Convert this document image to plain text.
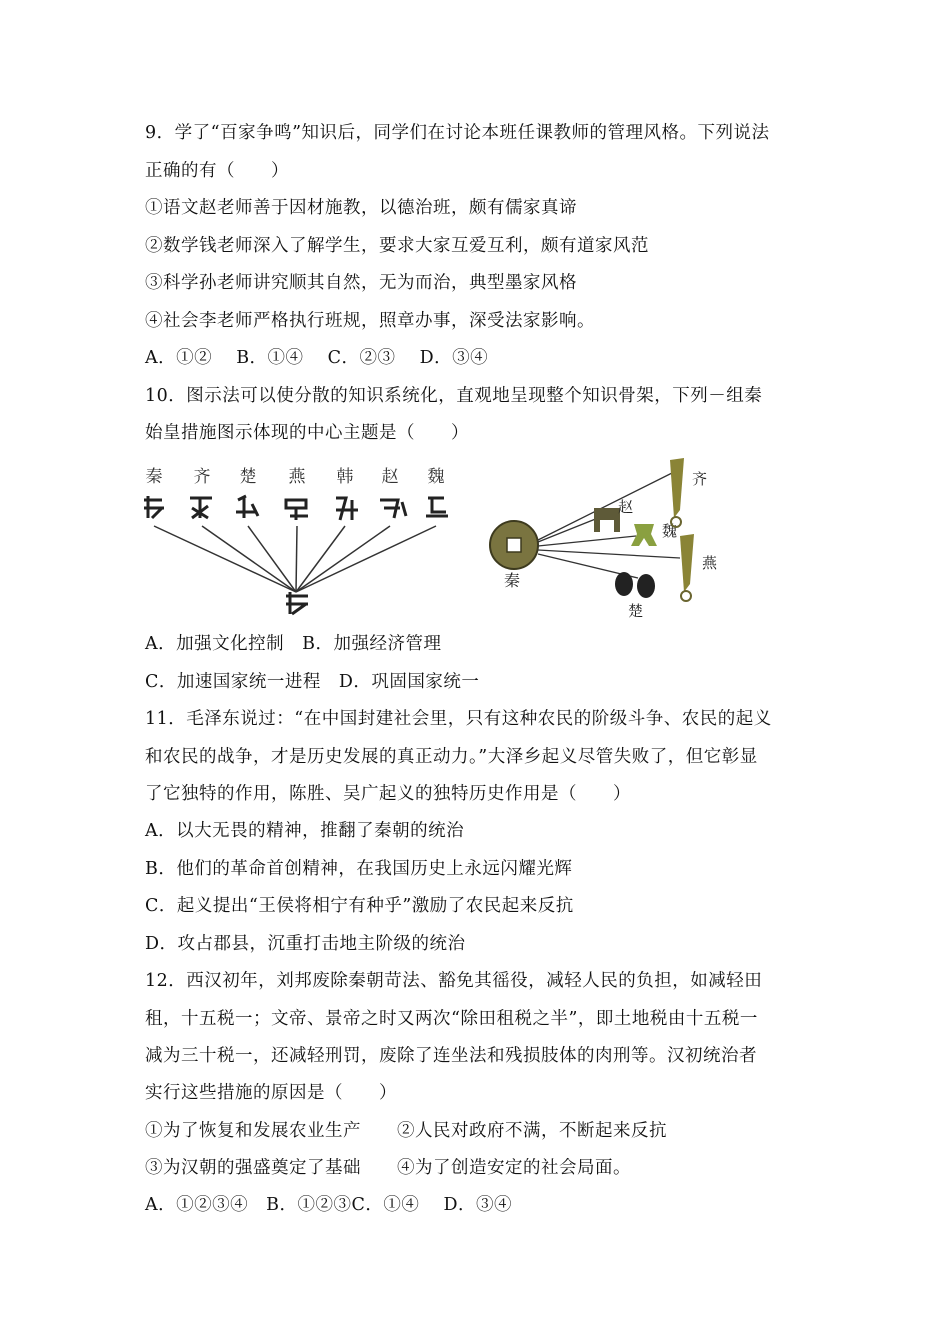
9．学了“百家争鸣”知识后，同学们在讨论本班任课教师的管理风格。下列说法
正确的有（　　）
①语文赵老师善于因材施教，以德治班，颇有儒家真谛
②数学钱老师深入了解学生，要求大家互爱互利，颇有道家风范
③科学孙老师讲究顺其自然，无为而治，典型墨家风格
④社会李老师严格执行班规，照章办事，深受法家影响。
A．①②　 B．①④　 C．②③　 D．③④
10．图示法可以使分散的知识系统化，直观地呈现整个知识骨架，下列－组秦
始皇措施图示体现的中心主题是（　　）
秦 齐 楚 燕 韩 赵 魏
秦
赵
魏
齐
燕
楚
A．加强文化控制　B．加强经济管理
C．加速国家统一进程　D．巩固国家统一
11．毛泽东说过：“在中国封建社会里，只有这种农民的阶级斗争、农民的起义
和农民的战争，才是历史发展的真正动力。”大泽乡起义尽管失败了，但它彰显
了它独特的作用，陈胜、吴广起义的独特历史作用是（　　）
A．以大无畏的精神，推翻了秦朝的统治
B．他们的革命首创精神，在我国历史上永远闪耀光辉
C．起义提出“王侯将相宁有种乎”激励了农民起来反抗
D．攻占郡县，沉重打击地主阶级的统治
12．西汉初年，刘邦废除秦朝苛法、豁免其徭役，减轻人民的负担，如减轻田
租，十五税一；文帝、景帝之时又两次“除田租税之半”，即土地税由十五税一
减为三十税一，还减轻刑罚，废除了连坐法和残损肢体的肉刑等。汉初统治者
实行这些措施的原因是（　　）
①为了恢复和发展农业生产　　②人民对政府不满，不断起来反抗
③为汉朝的强盛奠定了基础　　④为了创造安定的社会局面。
A．①②③④　B．①②③C．①④　 D．③④
